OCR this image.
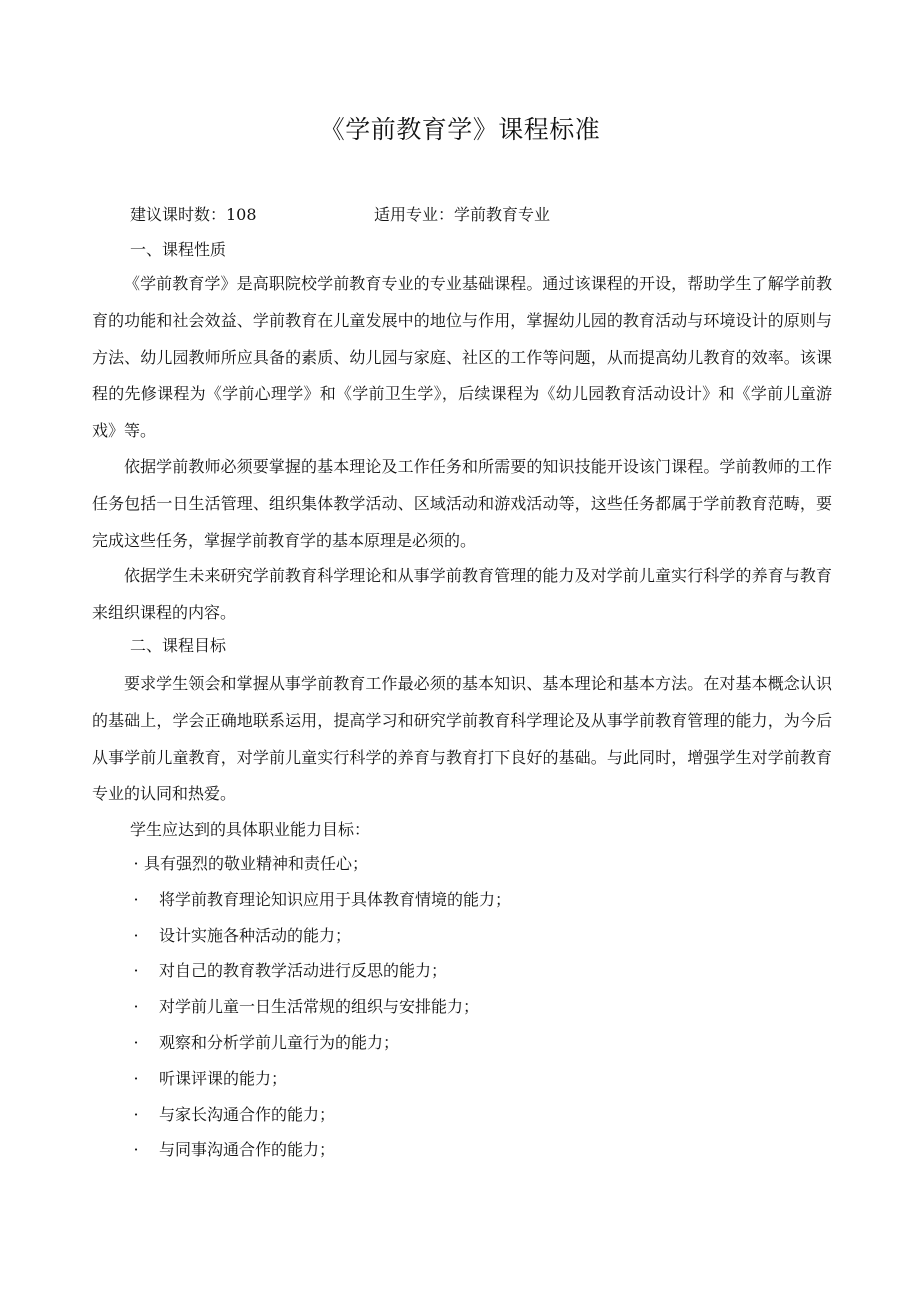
《学前教育学》课程标准
建议课时数：108	适用专业：学前教育专业
一、课程性质

《学前教育学》是高职院校学前教育专业的专业基础课程。通过该课程的开设，帮助学生了解学前教育的功能和社会效益、学前教育在儿童发展中的地位与作用，掌握幼儿园的教育活动与环境设计的原则与方法、幼儿园教师所应具备的素质、幼儿园与家庭、社区的工作等问题，从而提高幼儿教育的效率。该课程的先修课程为《学前心理学》和《学前卫生学》，后续课程为《幼儿园教育活动设计》和《学前儿童游戏》等。

依据学前教师必须要掌握的基本理论及工作任务和所需要的知识技能开设该门课程。学前教师的工作任务包括一日生活管理、组织集体教学活动、区域活动和游戏活动等，这些任务都属于学前教育范畴，要完成这些任务，掌握学前教育学的基本原理是必须的。

依据学生未来研究学前教育科学理论和从事学前教育管理的能力及对学前儿童实行科学的养育与教育来组织课程的内容。

二、课程目标

要求学生领会和掌握从事学前教育工作最必须的基本知识、基本理论和基本方法。在对基本概念认识的基础上，学会正确地联系运用，提高学习和研究学前教育科学理论及从事学前教育管理的能力，为今后从事学前儿童教育，对学前儿童实行科学的养育与教育打下良好的基础。与此同时，增强学生对学前教育专业的认同和热爱。

学生应达到的具体职业能力目标：
· 具有强烈的敬业精神和责任心；
· 将学前教育理论知识应用于具体教育情境的能力；
· 设计实施各种活动的能力；
· 对自己的教育教学活动进行反思的能力；
· 对学前儿童一日生活常规的组织与安排能力；
· 观察和分析学前儿童行为的能力；
· 听课评课的能力；
· 与家长沟通合作的能力；
· 与同事沟通合作的能力；
